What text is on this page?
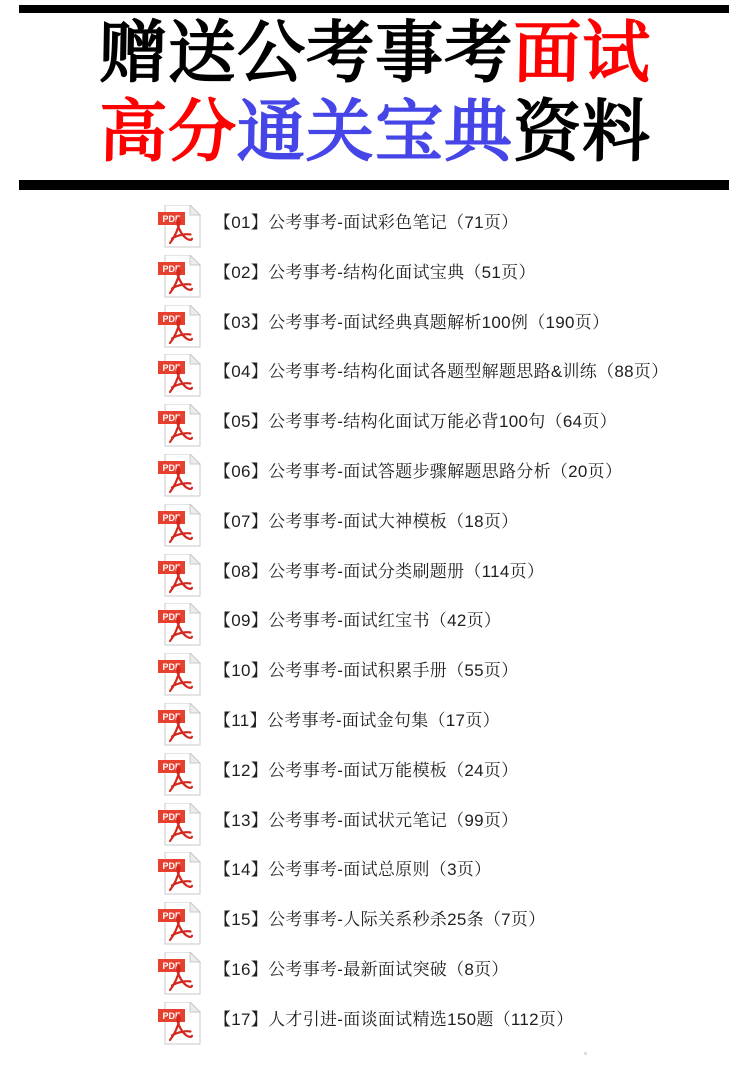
赠送公考事考面试
高分通关宝典资料
PDF 【01】公考事考-面试彩色笔记（71页）
PDF 【02】公考事考-结构化面试宝典（51页）
PDF 【03】公考事考-面试经典真题解析100例（190页）
PDF 【04】公考事考-结构化面试各题型解题思路&训练（88页）
PDF 【05】公考事考-结构化面试万能必背100句（64页）
PDF 【06】公考事考-面试答题步骤解题思路分析（20页）
PDF 【07】公考事考-面试大神模板（18页）
PDF 【08】公考事考-面试分类刷题册（114页）
PDF 【09】公考事考-面试红宝书（42页）
PDF 【10】公考事考-面试积累手册（55页）
PDF 【11】公考事考-面试金句集（17页）
PDF 【12】公考事考-面试万能模板（24页）
PDF 【13】公考事考-面试状元笔记（99页）
PDF 【14】公考事考-面试总原则（3页）
PDF 【15】公考事考-人际关系秒杀25条（7页）
PDF 【16】公考事考-最新面试突破（8页）
PDF 【17】人才引进-面谈面试精选150题（112页）
